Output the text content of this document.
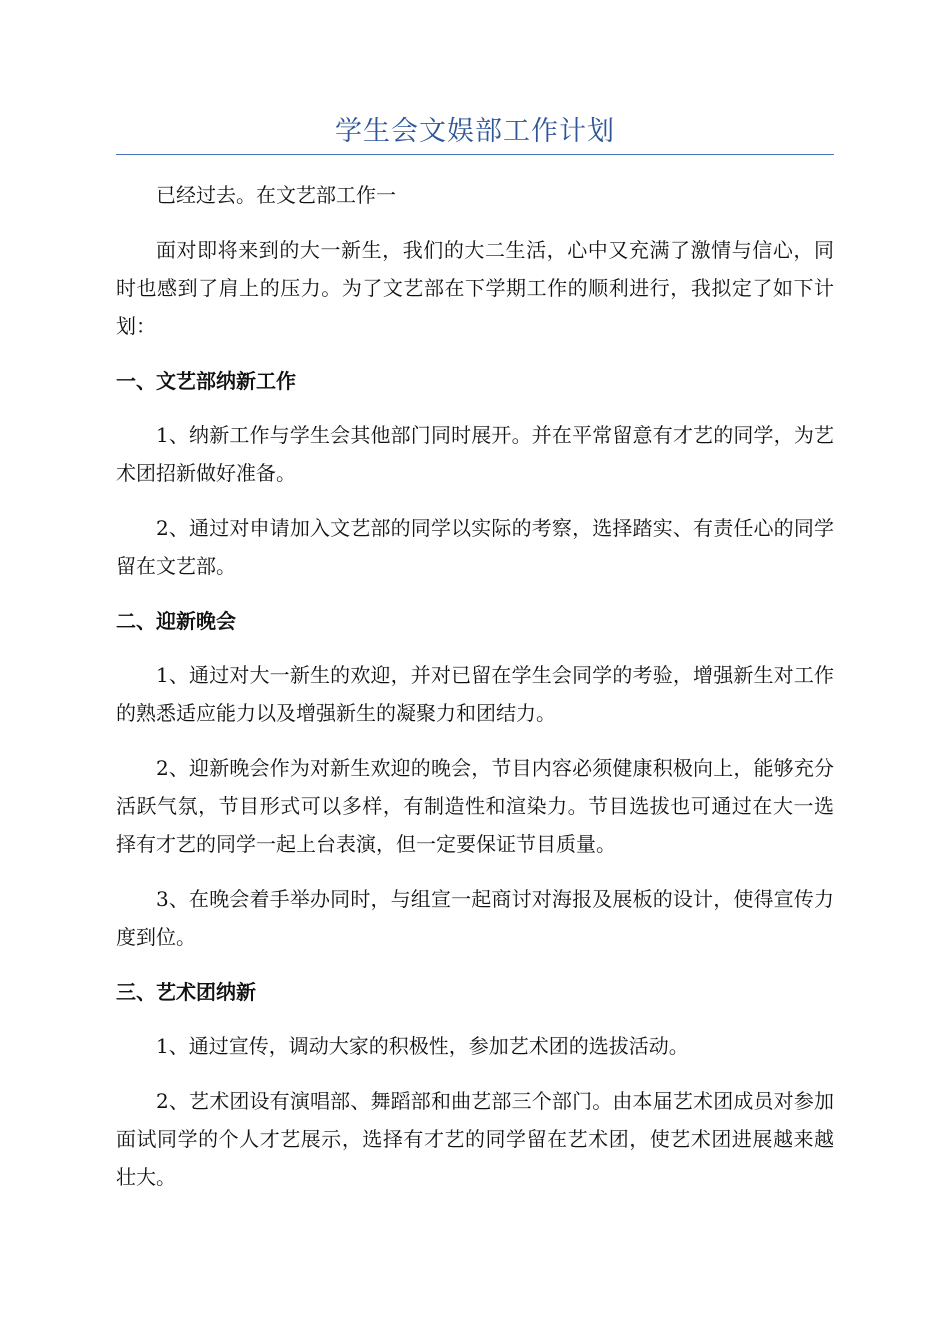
学生会文娱部工作计划

已经过去。在文艺部工作一

面对即将来到的大一新生，我们的大二生活，心中又充满了激情与信心，同时也感到了肩上的压力。为了文艺部在下学期工作的顺利进行，我拟定了如下计划：

一、文艺部纳新工作

1、纳新工作与学生会其他部门同时展开。并在平常留意有才艺的同学，为艺术团招新做好准备。

2、通过对申请加入文艺部的同学以实际的考察，选择踏实、有责任心的同学留在文艺部。

二、迎新晚会

1、通过对大一新生的欢迎，并对已留在学生会同学的考验，增强新生对工作的熟悉适应能力以及增强新生的凝聚力和团结力。

2、迎新晚会作为对新生欢迎的晚会，节目内容必须健康积极向上，能够充分活跃气氛，节目形式可以多样，有制造性和渲染力。节目选拔也可通过在大一选择有才艺的同学一起上台表演，但一定要保证节目质量。

3、在晚会着手举办同时，与组宣一起商讨对海报及展板的设计，使得宣传力度到位。

三、艺术团纳新

1、通过宣传，调动大家的积极性，参加艺术团的选拔活动。

2、艺术团设有演唱部、舞蹈部和曲艺部三个部门。由本届艺术团成员对参加面试同学的个人才艺展示，选择有才艺的同学留在艺术团，使艺术团进展越来越壮大。
